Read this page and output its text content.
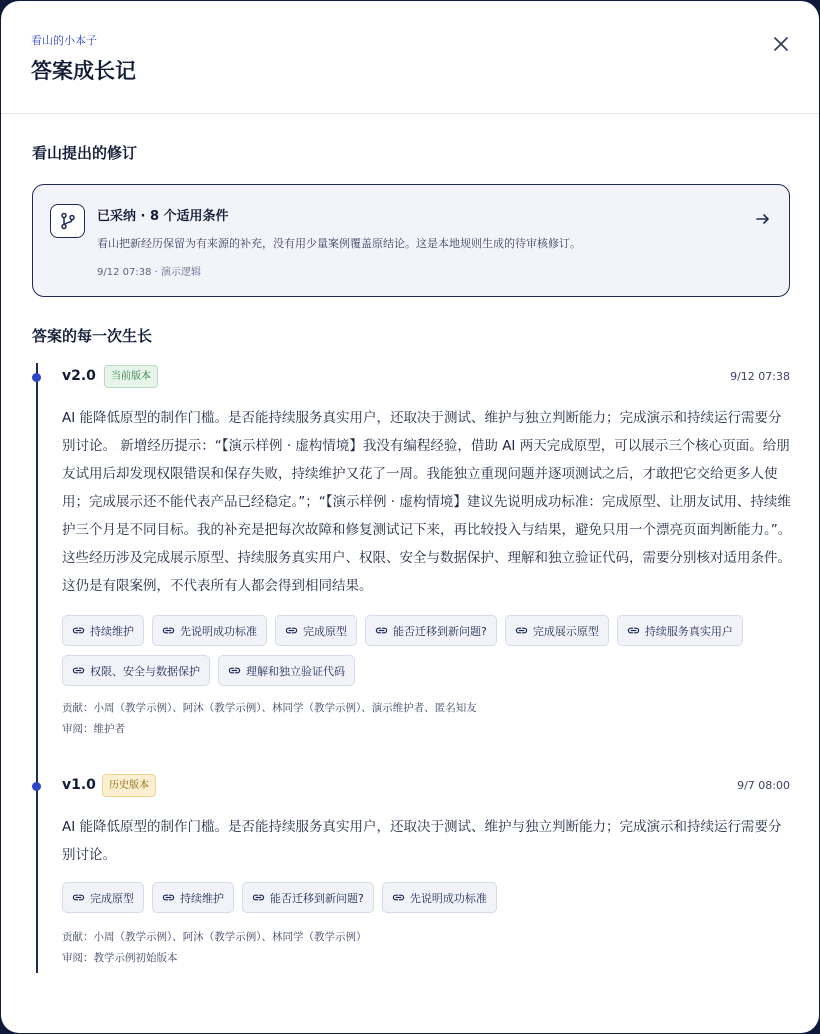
看山的小本子
答案成长记
看山提出的修订
已采纳 · 8 个适用条件
看山把新经历保留为有来源的补充，没有用少量案例覆盖原结论。这是本地规则生成的待审核修订。
9/12 07:38 · 演示逻辑
答案的每一次生长
v2.0	当前版本	9/12 07:38
AI 能降低原型的制作门槛。是否能持续服务真实用户，还取决于测试、维护与独立判断能力；完成演示和持续运行需要分别讨论。 新增经历提示：“【演示样例 · 虚构情境】我没有编程经验，借助 AI 两天完成原型，可以展示三个核心页面。给朋友试用后却发现权限错误和保存失败，持续维护又花了一周。我能独立重现问题并逐项测试之后，才敢把它交给更多人使用；完成展示还不能代表产品已经稳定。”；“【演示样例 · 虚构情境】建议先说明成功标准：完成原型、让朋友试用、持续维护三个月是不同目标。我的补充是把每次故障和修复测试记下来，再比较投入与结果，避免只用一个漂亮页面判断能力。”。这些经历涉及完成展示原型、持续服务真实用户、权限、安全与数据保护、理解和独立验证代码，需要分别核对适用条件。这仍是有限案例，不代表所有人都会得到相同结果。
持续维护	先说明成功标准	完成原型	能否迁移到新问题?	完成展示原型	持续服务真实用户
权限、安全与数据保护	理解和独立验证代码
贡献：小周（教学示例）、阿沐（教学示例）、林同学（教学示例）、演示维护者、匿名知友
审阅：维护者
v1.0	历史版本	9/7 08:00
AI 能降低原型的制作门槛。是否能持续服务真实用户，还取决于测试、维护与独立判断能力；完成演示和持续运行需要分别讨论。
完成原型	持续维护	能否迁移到新问题?	先说明成功标准
贡献：小周（教学示例）、阿沐（教学示例）、林同学（教学示例）
审阅：教学示例初始版本
